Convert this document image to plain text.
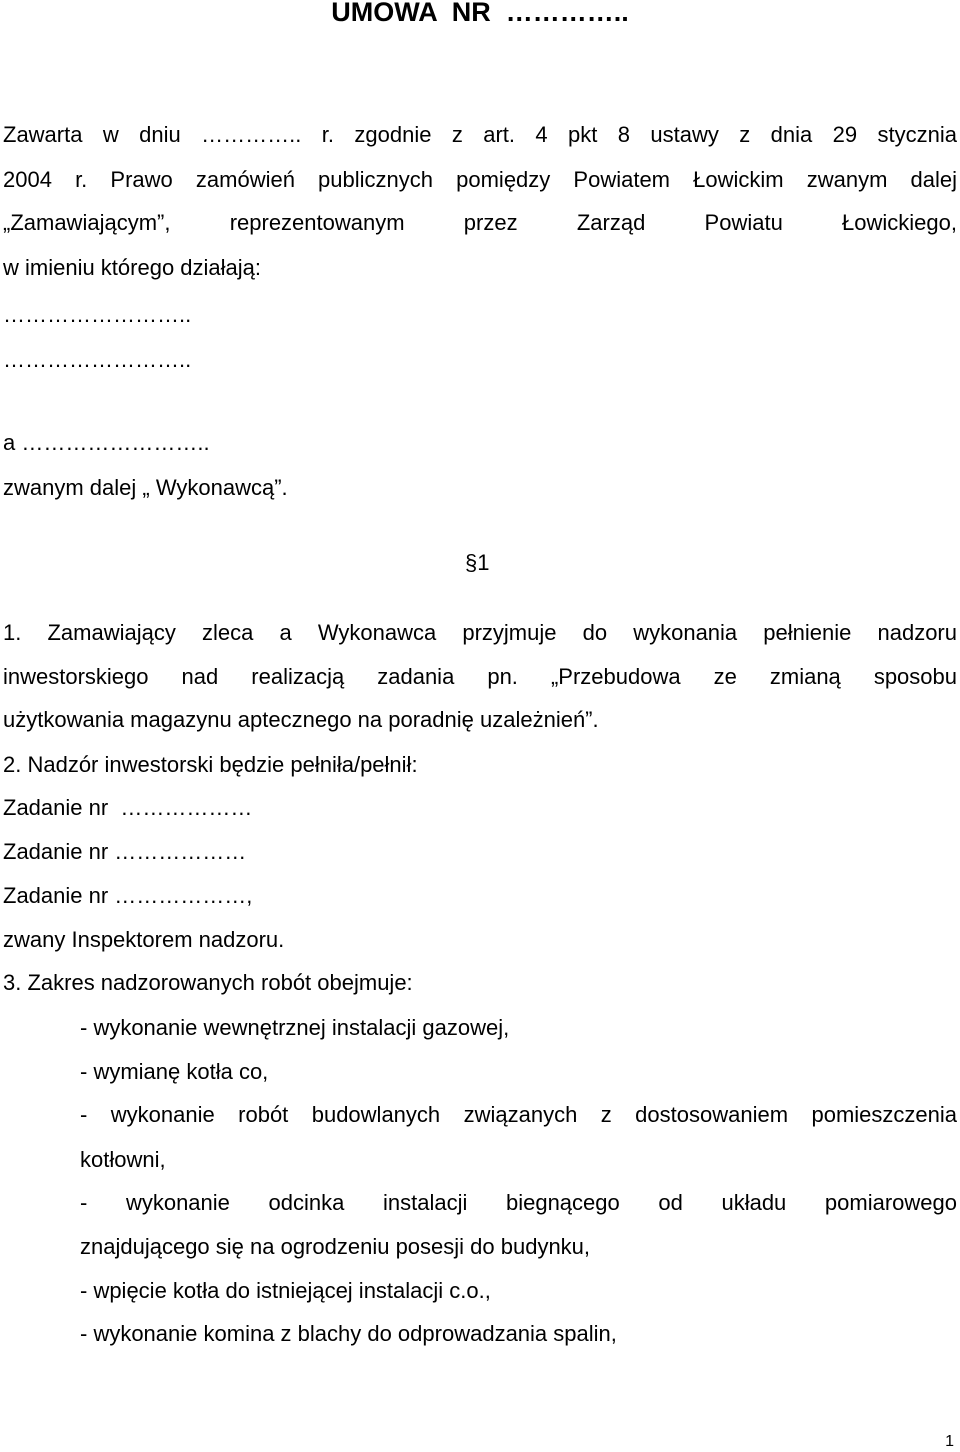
UMOWA  NR  …………..
Zawarta w dniu ………….. r. zgodnie z art. 4 pkt 8 ustawy z dnia 29 stycznia
2004 r. Prawo zamówień publicznych pomiędzy Powiatem Łowickim zwanym dalej
„Zamawiającym”, reprezentowanym przez Zarząd Powiatu Łowickiego,
w imieniu którego działają:
……………………..
……………………..
a ……………………..
zwanym dalej „ Wykonawcą”.
§1
1. Zamawiający zleca a Wykonawca przyjmuje do wykonania pełnienie nadzoru
inwestorskiego nad realizacją zadania pn. „Przebudowa ze zmianą sposobu
użytkowania magazynu aptecznego na poradnię uzależnień”.
2. Nadzór inwestorski będzie pełniła/pełnił:
Zadanie nr  ………………
Zadanie nr ………………
Zadanie nr ………………,
zwany Inspektorem nadzoru.
3. Zakres nadzorowanych robót obejmuje:
- wykonanie wewnętrznej instalacji gazowej,
- wymianę kotła co,
- wykonanie robót budowlanych związanych z dostosowaniem pomieszczenia
kotłowni,
- wykonanie odcinka instalacji biegnącego od układu pomiarowego
znajdującego się na ogrodzeniu posesji do budynku,
- wpięcie kotła do istniejącej instalacji c.o.,
- wykonanie komina z blachy do odprowadzania spalin,
1
